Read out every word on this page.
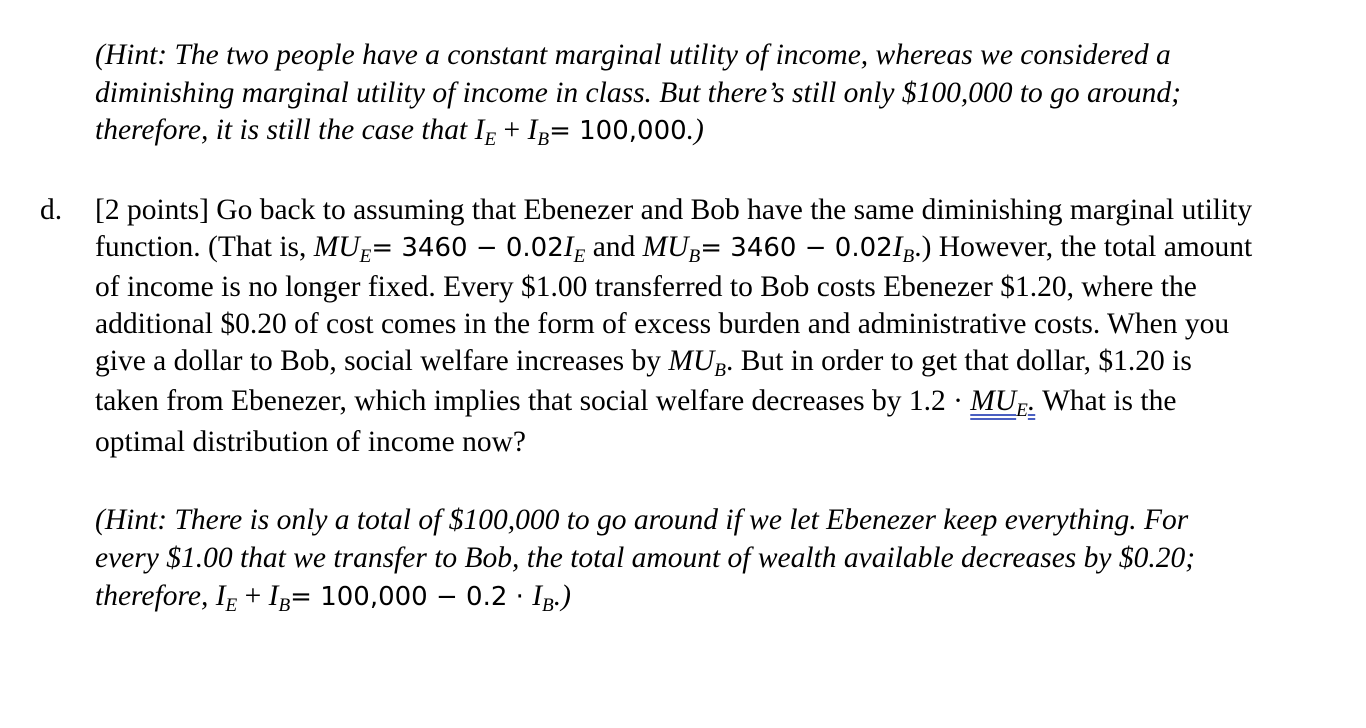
(Hint: The two people have a constant marginal utility of income, whereas we considered a
diminishing marginal utility of income in class. But there’s still only $100,000 to go around;
therefore, it is still the case that $I_E + I_B= 100,000$.)
d. [2 points] Go back to assuming that Ebenezer and Bob have the same diminishing marginal utility
function. (That is, $MU_E= 3460 - 0.02I_E$ and $MU_B= 3460 - 0.02I_B$.) However, the total amount
of income is no longer fixed. Every $1.00 transferred to Bob costs Ebenezer $1.20, where the
additional $0.20 of cost comes in the form of excess burden and administrative costs. When you
give a dollar to Bob, social welfare increases by $MU_B$. But in order to get that dollar, $1.20 is
taken from Ebenezer, which implies that social welfare decreases by $1.2 \cdot MU_E$. What is the
optimal distribution of income now?
(Hint: There is only a total of $100,000 to go around if we let Ebenezer keep everything. For
every $1.00 that we transfer to Bob, the total amount of wealth available decreases by $0.20;
therefore, $I_E + I_B= 100,000 - 0.2 \cdot I_B$.)
